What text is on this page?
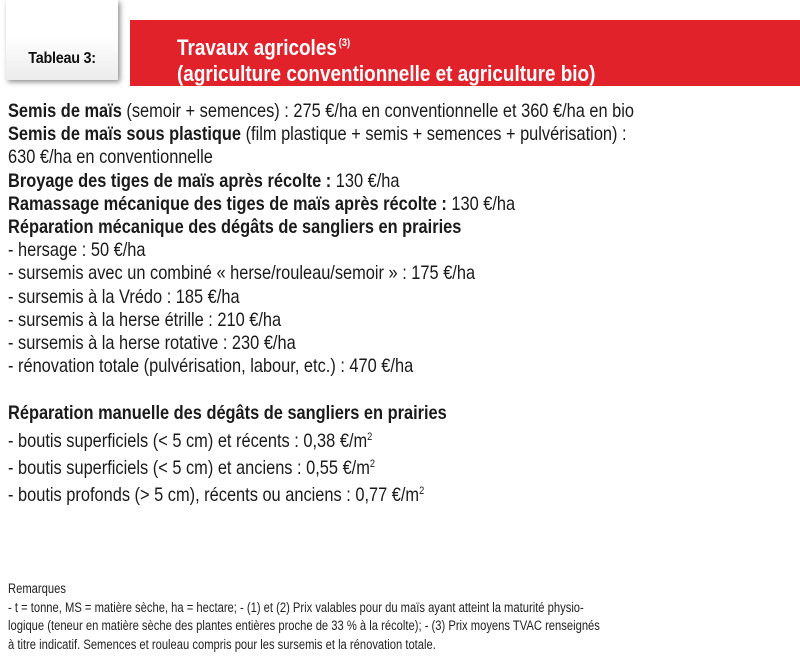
Tableau 3:	Travaux agricoles $^{(3)}$
(agriculture conventionnelle et agriculture bio)
Semis de maïs (semoir + semences) : 275 €/ha en conventionnelle et 360 €/ha en bio
Semis de maïs sous plastique (film plastique + semis + semences + pulvérisation) :
630 €/ha en conventionnelle
Broyage des tiges de maïs après récolte : 130 €/ha
Ramassage mécanique des tiges de maïs après récolte : 130 €/ha
Réparation mécanique des dégâts de sangliers en prairies
- hersage : 50 €/ha
- sursemis avec un combiné « herse/rouleau/semoir » : 175 €/ha
- sursemis à la Vrédo : 185 €/ha
- sursemis à la herse étrille : 210 €/ha
- sursemis à la herse rotative : 230 €/ha
- rénovation totale (pulvérisation, labour, etc.) : 470 €/ha
Réparation manuelle des dégâts de sangliers en prairies
- boutis superficiels (< 5 cm) et récents : 0,38 $€/m^2$
- boutis superficiels (< 5 cm) et anciens : 0,55 $€/m^2$
- boutis profonds (> 5 cm), récents ou anciens : 0,77 $€/m^2$
Remarques
- t = tonne, MS = matière sèche, ha = hectare; - (1) et (2) Prix valables pour du maïs ayant atteint la maturité physio-
logique (teneur en matière sèche des plantes entières proche de 33 % à la récolte); - (3) Prix moyens TVAC renseignés
à titre indicatif. Semences et rouleau compris pour les sursemis et la rénovation totale.
